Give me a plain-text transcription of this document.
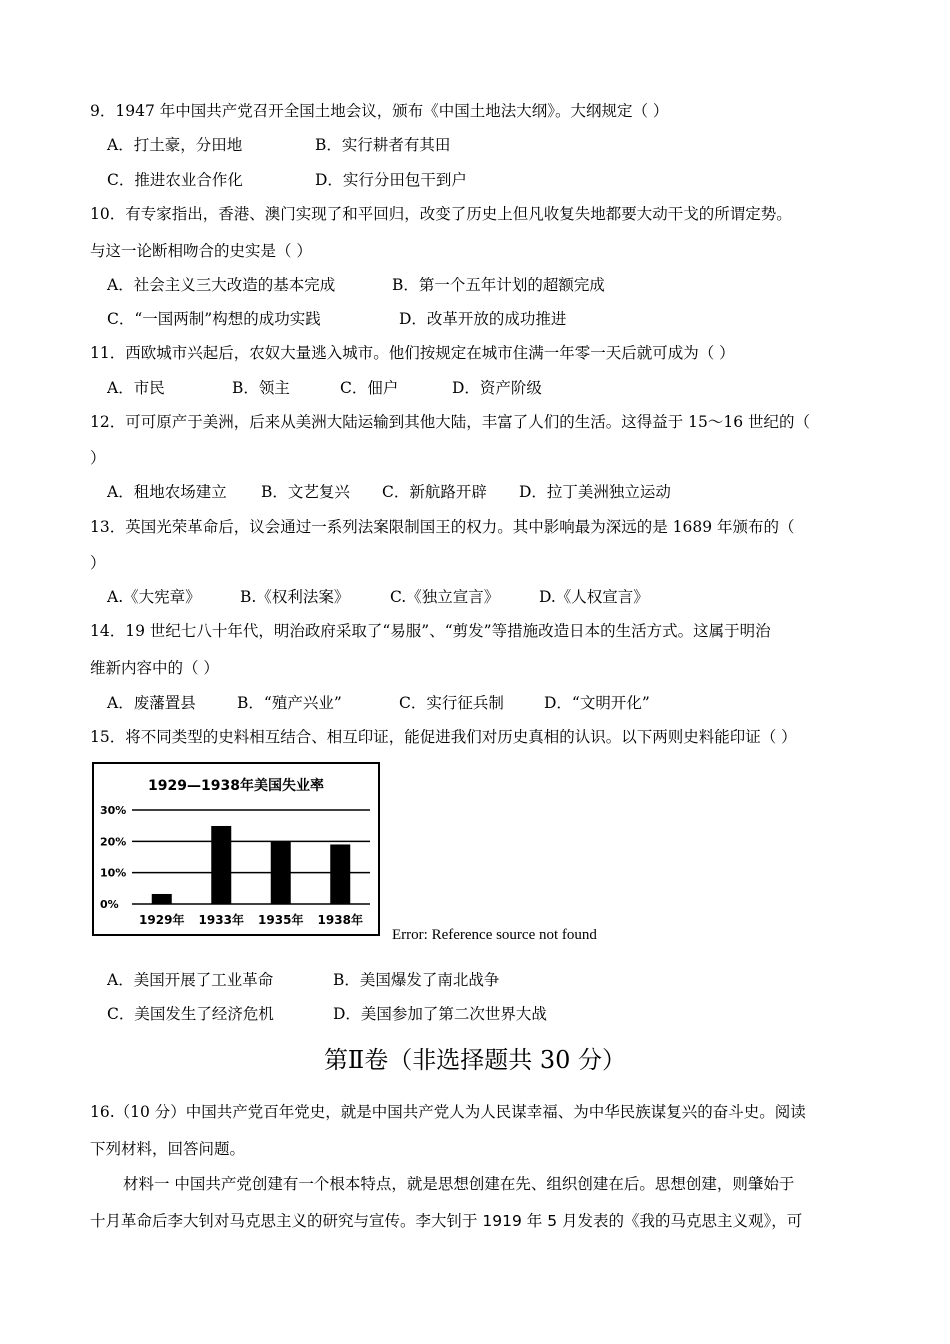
9．1947 年中国共产党召开全国土地会议，颁布《中国土地法大纲》。大纲规定（ ）
A．打土豪，分田地	B．实行耕者有其田
C．推进农业合作化	D．实行分田包干到户
10．有专家指出，香港、澳门实现了和平回归，改变了历史上但凡收复失地都要大动干戈的所谓定势。
与这一论断相吻合的史实是（ ）
A．社会主义三大改造的基本完成	B．第一个五年计划的超额完成
C．“一国两制”构想的成功实践	D．改革开放的成功推进
11．西欧城市兴起后，农奴大量逃入城市。他们按规定在城市住满一年零一天后就可成为（ ）
A．市民	B．领主	C．佃户	D．资产阶级
12．可可原产于美洲，后来从美洲大陆运输到其他大陆，丰富了人们的生活。这得益于 15～16 世纪的（
）
A．租地农场建立 B．文艺复兴 C．新航路开辟 D．拉丁美洲独立运动
13．英国光荣革命后，议会通过一系列法案限制国王的权力。其中影响最为深远的是 1689 年颁布的（
）
A.《大宪章》	B.《权利法案》	C.《独立宣言》	D.《人权宣言》
14．19 世纪七八十年代，明治政府采取了“易服”、“剪发”等措施改造日本的生活方式。这属于明治
维新内容中的（ ）
A．废藩置县	B．“殖产兴业”	C．实行征兵制	D．“文明开化”
15．将不同类型的史料相互结合、相互印证，能促进我们对历史真相的认识。以下两则史料能印证（ ）
1929—1938年美国失业率
0%
10%
20%
30%
1929年 1933年 1935年 1938年
Error: Reference source not found
A．美国开展了工业革命	B．美国爆发了南北战争
C．美国发生了经济危机	D．美国参加了第二次世界大战
第Ⅱ卷（非选择题共 30 分）
16.（10 分）中国共产党百年党史，就是中国共产党人为人民谋幸福、为中华民族谋复兴的奋斗史。阅读
下列材料，回答问题。
材料一 中国共产党创建有一个根本特点，就是思想创建在先、组织创建在后。思想创建，则肇始于
十月革命后李大钊对马克思主义的研究与宣传。李大钊于 1919 年 5 月发表的《我的马克思主义观》，可
